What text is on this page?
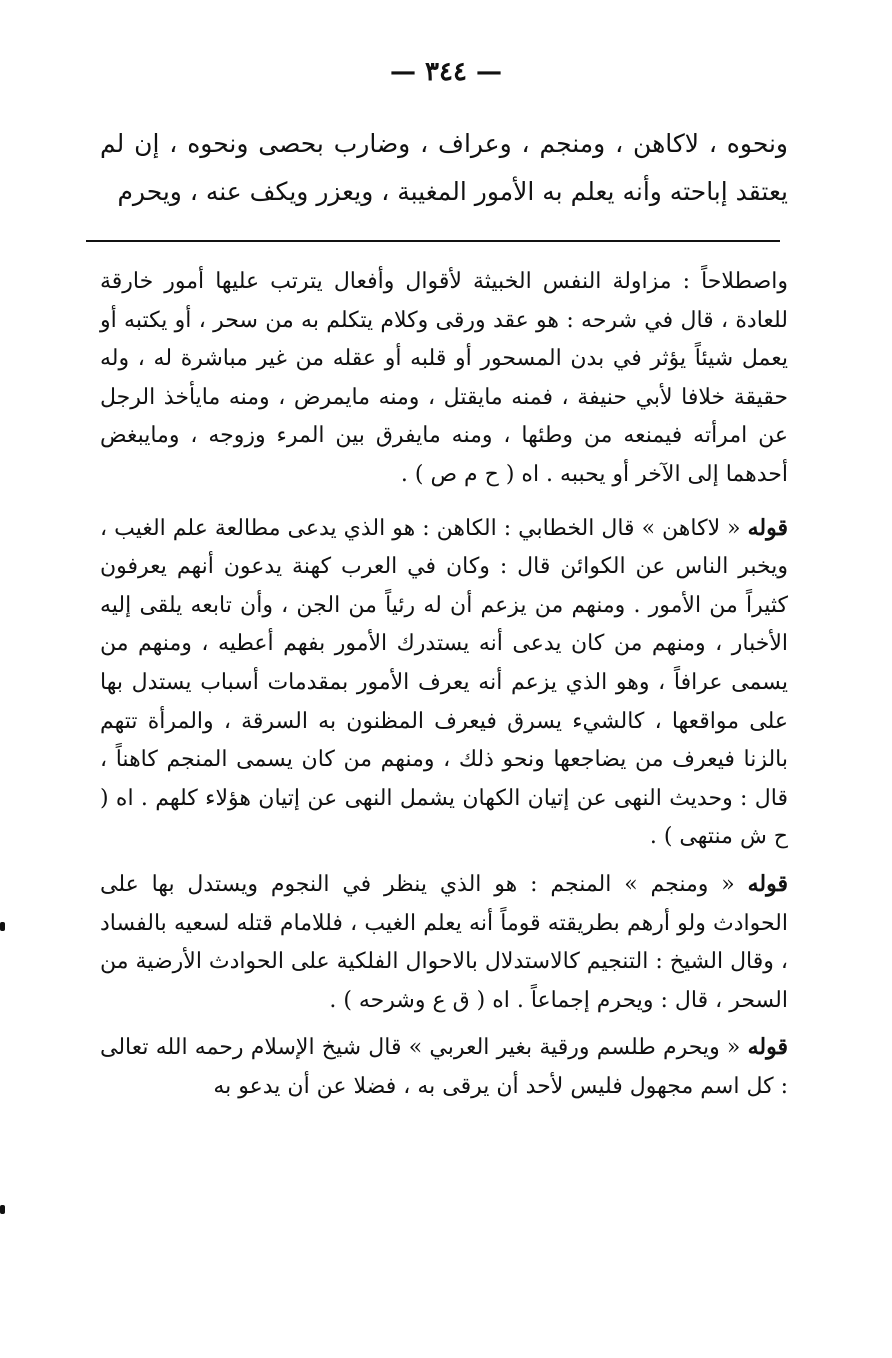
— ٣٤٤ —
ونحوه ، لاكاهن ، ومنجم ، وعراف ، وضارب بحصى ونحوه ، إن لم يعتقد إباحته وأنه يعلم به الأمور المغيبة ، ويعزر ويكف عنه ، ويحرم

واصطلاحاً : مزاولة النفس الخبيثة لأقوال وأفعال يترتب عليها أمور خارقة للعادة ، قال في شرحه : هو عقد ورقى وكلام يتكلم به من سحر ، أو يكتبه أو يعمل شيئاً يؤثر في بدن المسحور أو قلبه أو عقله من غير مباشرة له ، وله حقيقة خلافا لأبي حنيفة ، فمنه مايقتل ، ومنه مايمرض ، ومنه مايأخذ الرجل عن امرأته فيمنعه من وطئها ، ومنه مايفرق بين المرء وزوجه ، ومايبغض أحدهما إلى الآخر أو يحببه . اه ( ح م ص ) .

قوله « لاكاهن » قال الخطابي : الكاهن : هو الذي يدعى مطالعة علم الغيب ، ويخبر الناس عن الكوائن قال : وكان في العرب كهنة يدعون أنهم يعرفون كثيراً من الأمور . ومنهم من يزعم أن له رئياً من الجن ، وأن تابعه يلقى إليه الأخبار ، ومنهم من كان يدعى أنه يستدرك الأمور بفهم أعطيه ، ومنهم من يسمى عرافاً ، وهو الذي يزعم أنه يعرف الأمور بمقدمات أسباب يستدل بها على مواقعها ، كالشيء يسرق فيعرف المظنون به السرقة ، والمرأة تتهم بالزنا فيعرف من يضاجعها ونحو ذلك ، ومنهم من كان يسمى المنجم كاهناً ، قال : وحديث النهى عن إتيان الكهان يشمل النهى عن إتيان هؤلاء كلهم . اه ( ح ش منتهى ) .

قوله « ومنجم » المنجم : هو الذي ينظر في النجوم ويستدل بها على الحوادث ولو أرهم بطريقته قوماً أنه يعلم الغيب ، فللامام قتله لسعيه بالفساد ، وقال الشيخ : التنجيم كالاستدلال بالاحوال الفلكية على الحوادث الأرضية من السحر ، قال : ويحرم إجماعاً . اه ( ق ع وشرحه ) .

قوله « ويحرم طلسم ورقية بغير العربي » قال شيخ الإسلام رحمه الله تعالى : كل اسم مجهول فليس لأحد أن يرقى به ، فضلا عن أن يدعو به
